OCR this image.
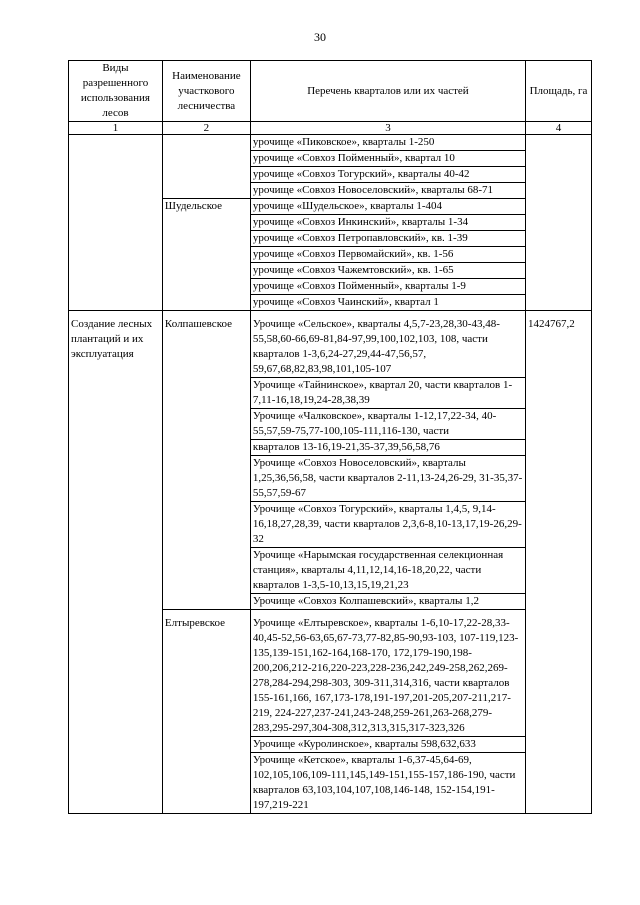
30
Виды разрешенного использования лесов	Наименование участкового лесничества	Перечень кварталов или их частей	Площадь, га
1	2	3	4
		урочище «Пиковское», кварталы 1-250	
		урочище «Совхоз Пойменный», квартал 10	
		урочище «Совхоз Тогурский», кварталы 40-42	
		урочище «Совхоз Новоселовский», кварталы 68-71	
	Шудельское	урочище «Шудельское», кварталы 1-404	
		урочище «Совхоз Инкинский», кварталы 1-34	
		урочище «Совхоз Петропавловский», кв. 1-39	
		урочище «Совхоз Первомайский», кв. 1-56	
		урочище «Совхоз Чажемтовский», кв. 1-65	
		урочище «Совхоз Пойменный», кварталы 1-9	
		урочище «Совхоз Чаинский», квартал 1	
Создание лесных плантаций и их эксплуатация	Колпашевское	Урочище «Сельское», кварталы 4,5,7-23,28,30-43,48-55,58,60-66,69-81,84-97,99,100,102,103, 108, части кварталов 1-3,6,24-27,29,44-47,56,57, 59,67,68,82,83,98,101,105-107	1424767,2
		Урочище «Тайнинское», квартал 20, части кварталов 1-7,11-16,18,19,24-28,38,39	
		Урочище «Чалковское», кварталы 1-12,17,22-34, 40-55,57,59-75,77-100,105-111,116-130, части	
		кварталов 13-16,19-21,35-37,39,56,58,76	
		Урочище «Совхоз Новоселовский», кварталы 1,25,36,56,58, части кварталов 2-11,13-24,26-29, 31-35,37-55,57,59-67	
		Урочище «Совхоз Тогурский», кварталы 1,4,5, 9,14-16,18,27,28,39, части кварталов 2,3,6-8,10-13,17,19-26,29-32	
		Урочище «Нарымская государственная селекционная станция», кварталы 4,11,12,14,16-18,20,22, части кварталов 1-3,5-10,13,15,19,21,23	
		Урочище «Совхоз Колпашевский», кварталы 1,2	
	Елтыревское	Урочище «Елтыревское», кварталы 1-6,10-17,22-28,33-40,45-52,56-63,65,67-73,77-82,85-90,93-103, 107-119,123-135,139-151,162-164,168-170, 172,179-190,198-200,206,212-216,220-223,228-236,242,249-258,262,269-278,284-294,298-303, 309-311,314,316, части кварталов 155-161,166, 167,173-178,191-197,201-205,207-211,217-219, 224-227,237-241,243-248,259-261,263-268,279-283,295-297,304-308,312,313,315,317-323,326	
		Урочище «Куролинское», кварталы 598,632,633	
		Урочище «Кетское», кварталы 1-6,37-45,64-69, 102,105,106,109-111,145,149-151,155-157,186-190, части кварталов 63,103,104,107,108,146-148, 152-154,191-197,219-221	
